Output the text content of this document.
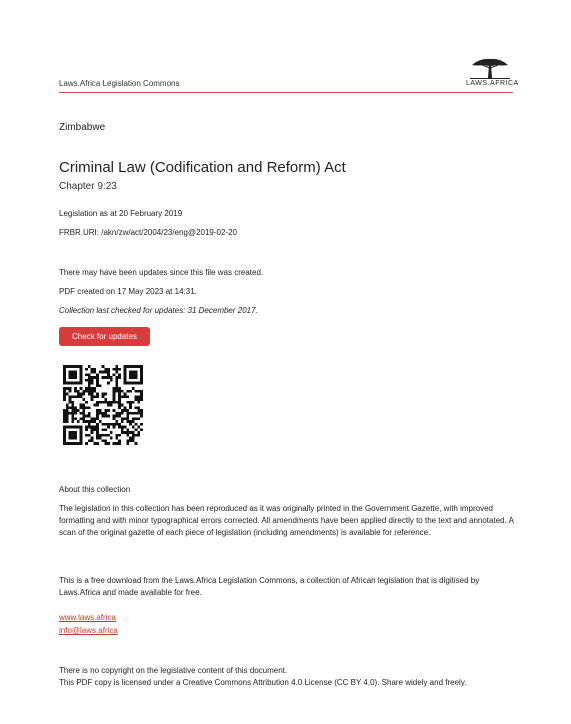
Laws.Africa Legislation Commons	LAWS.AFRICA
Zimbabwe
Criminal Law (Codification and Reform) Act
Chapter 9:23
Legislation as at 20 February 2019
FRBR URI: /akn/zw/act/2004/23/eng@2019-02-20
There may have been updates since this file was created.
PDF created on 17 May 2023 at 14:31.
Collection last checked for updates: 31 December 2017.
Check for updates
About this collection
The legislation in this collection has been reproduced as it was originally printed in the Government Gazette, with improved formatting and with minor typographical errors corrected. All amendments have been applied directly to the text and annotated. A scan of the original gazette of each piece of legislation (including amendments) is available for reference.
This is a free download from the Laws.Africa Legislation Commons, a collection of African legislation that is digitised by Laws.Africa and made available for free.
www.laws.africa
info@laws.africa
There is no copyright on the legislative content of this document.
This PDF copy is licensed under a Creative Commons Attribution 4.0 License (CC BY 4.0). Share widely and freely.
